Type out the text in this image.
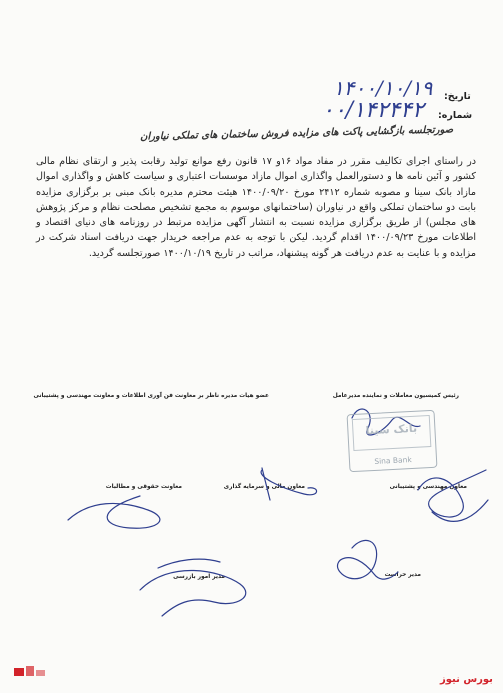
تاریخ:
۱۴۰۰/۱۰/۱۹
شماره:
۰۰/۱۴۲۴۴۲
صورتجلسه بازگشایی پاکت های مزایده فروش ساختمان های تملکی نیاوران

در راستای اجرای تکالیف مقرر در مفاد مواد ۱۶و ۱۷ قانون رفع موانع تولید رقابت پذیر و ارتقای نظام مالی کشور و آئین نامه ها و دستورالعمل واگذاری اموال مازاد موسسات اعتباری و سیاست کاهش و واگذاری اموال مازاد بانک سینا و مصوبه شماره ۲۴۱۲ مورخ ۱۴۰۰/۰۹/۲۰ هیئت محترم مدیره بانک مبنی بر برگزاری مزایده بابت دو ساختمان تملکی واقع در نیاوران (ساختمانهای موسوم به مجمع تشخیص مصلحت نظام و مرکز پژوهش های مجلس) از طریق برگزاری مزایده نسبت به انتشار آگهی مزایده مرتبط در روزنامه های دنیای اقتصاد و اطلاعات مورخ ۱۴۰۰/۰۹/۲۳ اقدام گردید. لیکن با توجه به عدم مراجعه خریدار جهت دریافت اسناد شرکت در مزایده و با عنایت به عدم دریافت هر گونه پیشنهاد، مراتب در تاریخ ۱۴۰۰/۱۰/۱۹ صورتجلسه گردید.

رئیس کمیسیون معاملات و نماینده مدیرعامل
عضو هیات مدیره ناظر بر معاونت فن آوری اطلاعات و معاونت مهندسی و پشتیبانی
معاون مهندسی و پشتیبانی
معاون مالی و سرمایه گذاری
معاونت حقوقی و مطالبات
مدیر حراست
مدیر امور بازرسی
بانک سینا
Sina Bank
بورس نیوز
